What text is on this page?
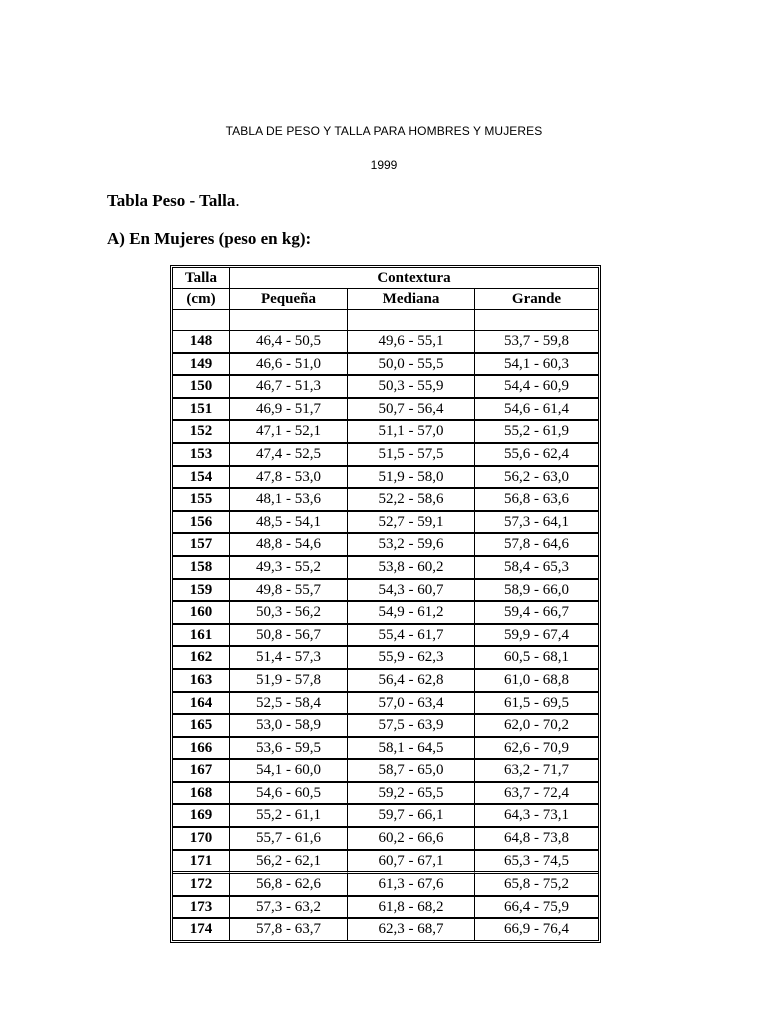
TABLA DE PESO Y TALLA PARA HOMBRES Y MUJERES
1999
Tabla Peso - Talla.
A) En Mujeres (peso en kg):
Talla	Contextura		
(cm)	Pequeña	Mediana	Grande

148	46,4 - 50,5	49,6 - 55,1	53,7 - 59,8
149	46,6 - 51,0	50,0 - 55,5	54,1 - 60,3
150	46,7 - 51,3	50,3 - 55,9	54,4 - 60,9
151	46,9 - 51,7	50,7 - 56,4	54,6 - 61,4
152	47,1 - 52,1	51,1 - 57,0	55,2 - 61,9
153	47,4 - 52,5	51,5 - 57,5	55,6 - 62,4
154	47,8 - 53,0	51,9 - 58,0	56,2 - 63,0
155	48,1 - 53,6	52,2 - 58,6	56,8 - 63,6
156	48,5 - 54,1	52,7 - 59,1	57,3 - 64,1
157	48,8 - 54,6	53,2 - 59,6	57,8 - 64,6
158	49,3 - 55,2	53,8 - 60,2	58,4 - 65,3
159	49,8 - 55,7	54,3 - 60,7	58,9 - 66,0
160	50,3 - 56,2	54,9 - 61,2	59,4 - 66,7
161	50,8 - 56,7	55,4 - 61,7	59,9 - 67,4
162	51,4 - 57,3	55,9 - 62,3	60,5 - 68,1
163	51,9 - 57,8	56,4 - 62,8	61,0 - 68,8
164	52,5 - 58,4	57,0 - 63,4	61,5 - 69,5
165	53,0 - 58,9	57,5 - 63,9	62,0 - 70,2
166	53,6 - 59,5	58,1 - 64,5	62,6 - 70,9
167	54,1 - 60,0	58,7 - 65,0	63,2 - 71,7
168	54,6 - 60,5	59,2 - 65,5	63,7 - 72,4
169	55,2 - 61,1	59,7 - 66,1	64,3 - 73,1
170	55,7 - 61,6	60,2 - 66,6	64,8 - 73,8
171	56,2 - 62,1	60,7 - 67,1	65,3 - 74,5
172	56,8 - 62,6	61,3 - 67,6	65,8 - 75,2
173	57,3 - 63,2	61,8 - 68,2	66,4 - 75,9
174	57,8 - 63,7	62,3 - 68,7	66,9 - 76,4
